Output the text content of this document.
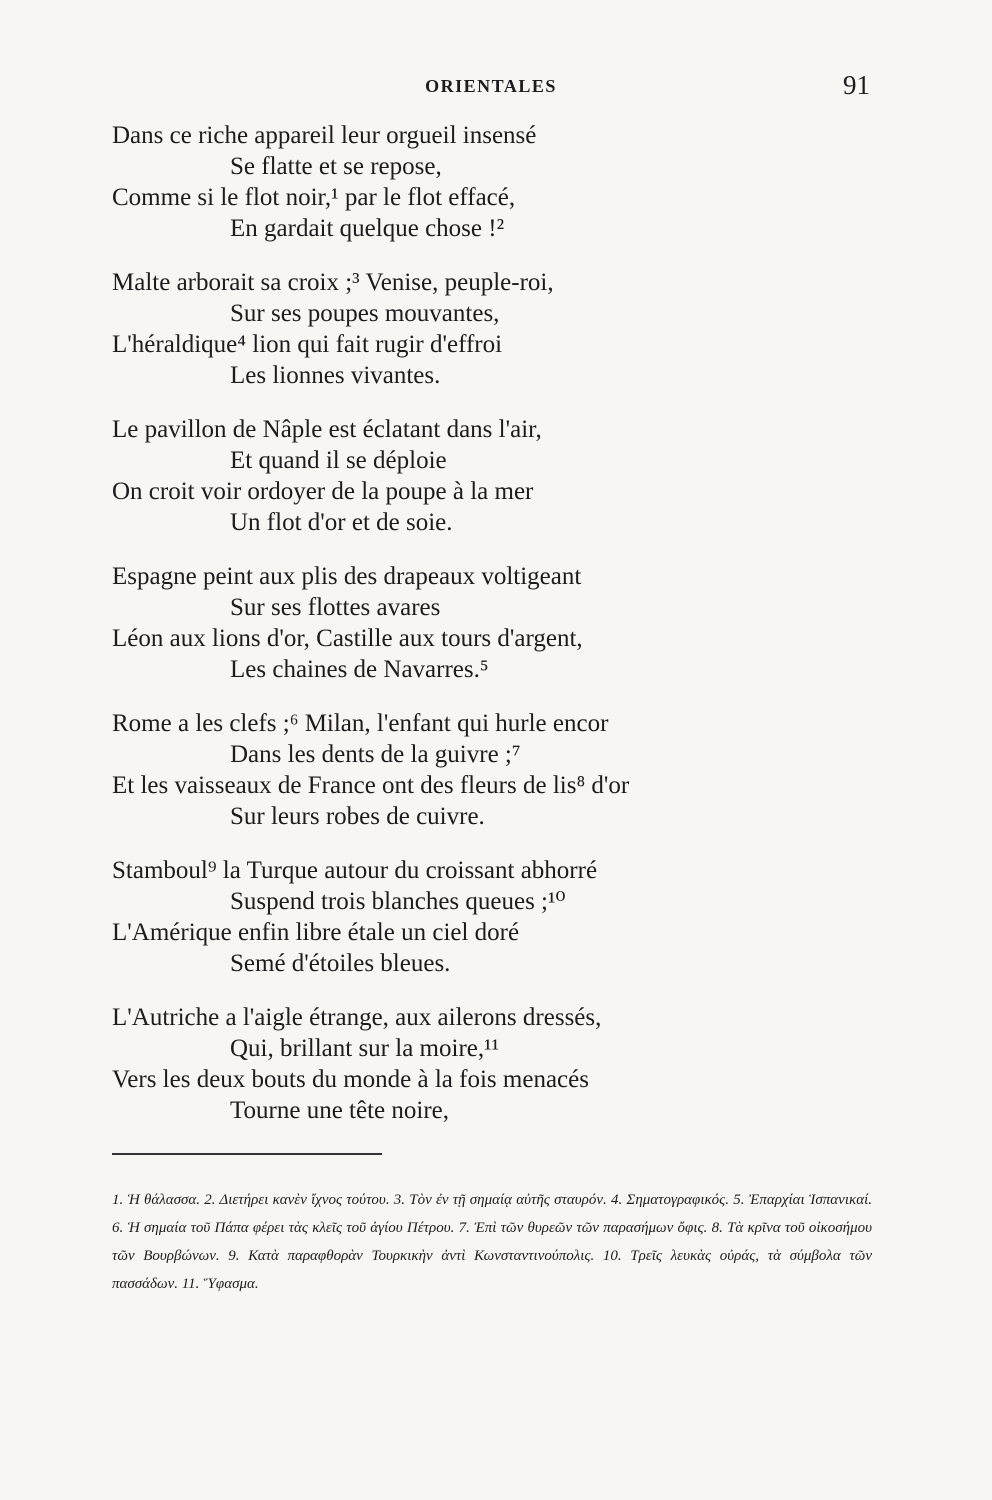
ORIENTALES	91
Dans ce riche appareil leur orgueil insensé
Se flatte et se repose,
Comme si le flot noir,¹ par le flot effacé,
En gardait quelque chose !²
Malte arborait sa croix ;³ Venise, peuple-roi,
Sur ses poupes mouvantes,
L'héraldique⁴ lion qui fait rugir d'effroi
Les lionnes vivantes.
Le pavillon de Nâple est éclatant dans l'air,
Et quand il se déploie
On croit voir ordoyer de la poupe à la mer
Un flot d'or et de soie.
Espagne peint aux plis des drapeaux voltigeant
Sur ses flottes avares
Léon aux lions d'or, Castille aux tours d'argent,
Les chaines de Navarres.⁵
Rome a les clefs ;⁶ Milan, l'enfant qui hurle encor
Dans les dents de la guivre ;⁷
Et les vaisseaux de France ont des fleurs de lis⁸ d'or
Sur leurs robes de cuivre.
Stamboul⁹ la Turque autour du croissant abhorré
Suspend trois blanches queues ;¹⁰
L'Amérique enfin libre étale un ciel doré
Semé d'étoiles bleues.
L'Autriche a l'aigle étrange, aux ailerons dressés,
Qui, brillant sur la moire,¹¹
Vers les deux bouts du monde à la fois menacés
Tourne une tête noire,

1. Ἡ θάλασσα. 2. Διετήρει κανὲν ἴχνος τούτου. 3. Τὸν ἐν τῇ σημαίᾳ αὐτῆς σταυρόν. 4. Σηματογραφικός. 5. Ἐπαρχίαι Ἱσπανικαί. 6. Ἡ σημαία τοῦ Πάπα φέρει τὰς κλεῖς τοῦ ἁγίου Πέτρου. 7. Ἐπὶ τῶν θυρεῶν τῶν παρασήμων ὄφις. 8. Τὰ κρῖνα τοῦ οἰκοσήμου τῶν Βουρβώνων. 9. Κατὰ παραφθορὰν Τουρκικὴν ἀντὶ Κωνσταντινούπολις. 10. Τρεῖς λευκὰς οὐράς, τὰ σύμβολα τῶν πασσάδων. 11. Ὕφασμα.
